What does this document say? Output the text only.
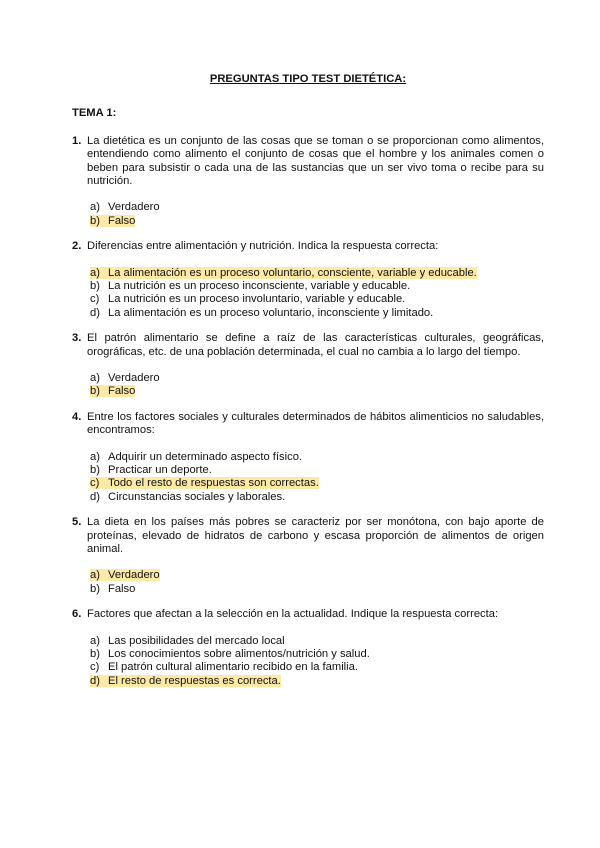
PREGUNTAS TIPO TEST DIETÉTICA:
TEMA 1:
1. La dietética es un conjunto de las cosas que se toman o se proporcionan como alimentos, entendiendo como alimento el conjunto de cosas que el hombre y los animales comen o beben para subsistir o cada una de las sustancias que un ser vivo toma o recibe para su nutrición.
a) Verdadero
b) Falso
2. Diferencias entre alimentación y nutrición. Indica la respuesta correcta:
a) La alimentación es un proceso voluntario, consciente, variable y educable.
b) La nutrición es un proceso inconsciente, variable y educable.
c) La nutrición es un proceso involuntario, variable y educable.
d) La alimentación es un proceso voluntario, inconsciente y limitado.
3. El patrón alimentario se define a raíz de las características culturales, geográficas, orográficas, etc. de una población determinada, el cual no cambia a lo largo del tiempo.
a) Verdadero
b) Falso
4. Entre los factores sociales y culturales determinados de hábitos alimenticios no saludables, encontramos:
a) Adquirir un determinado aspecto físico.
b) Practicar un deporte.
c) Todo el resto de respuestas son correctas.
d) Circunstancias sociales y laborales.
5. La dieta en los países más pobres se caracteriz por ser monótona, con bajo aporte de proteínas, elevado de hidratos de carbono y escasa proporción de alimentos de origen animal.
a) Verdadero
b) Falso
6. Factores que afectan a la selección en la actualidad. Indique la respuesta correcta:
a) Las posibilidades del mercado local
b) Los conocimientos sobre alimentos/nutrición y salud.
c) El patrón cultural alimentario recibido en la familia.
d) El resto de respuestas es correcta.
